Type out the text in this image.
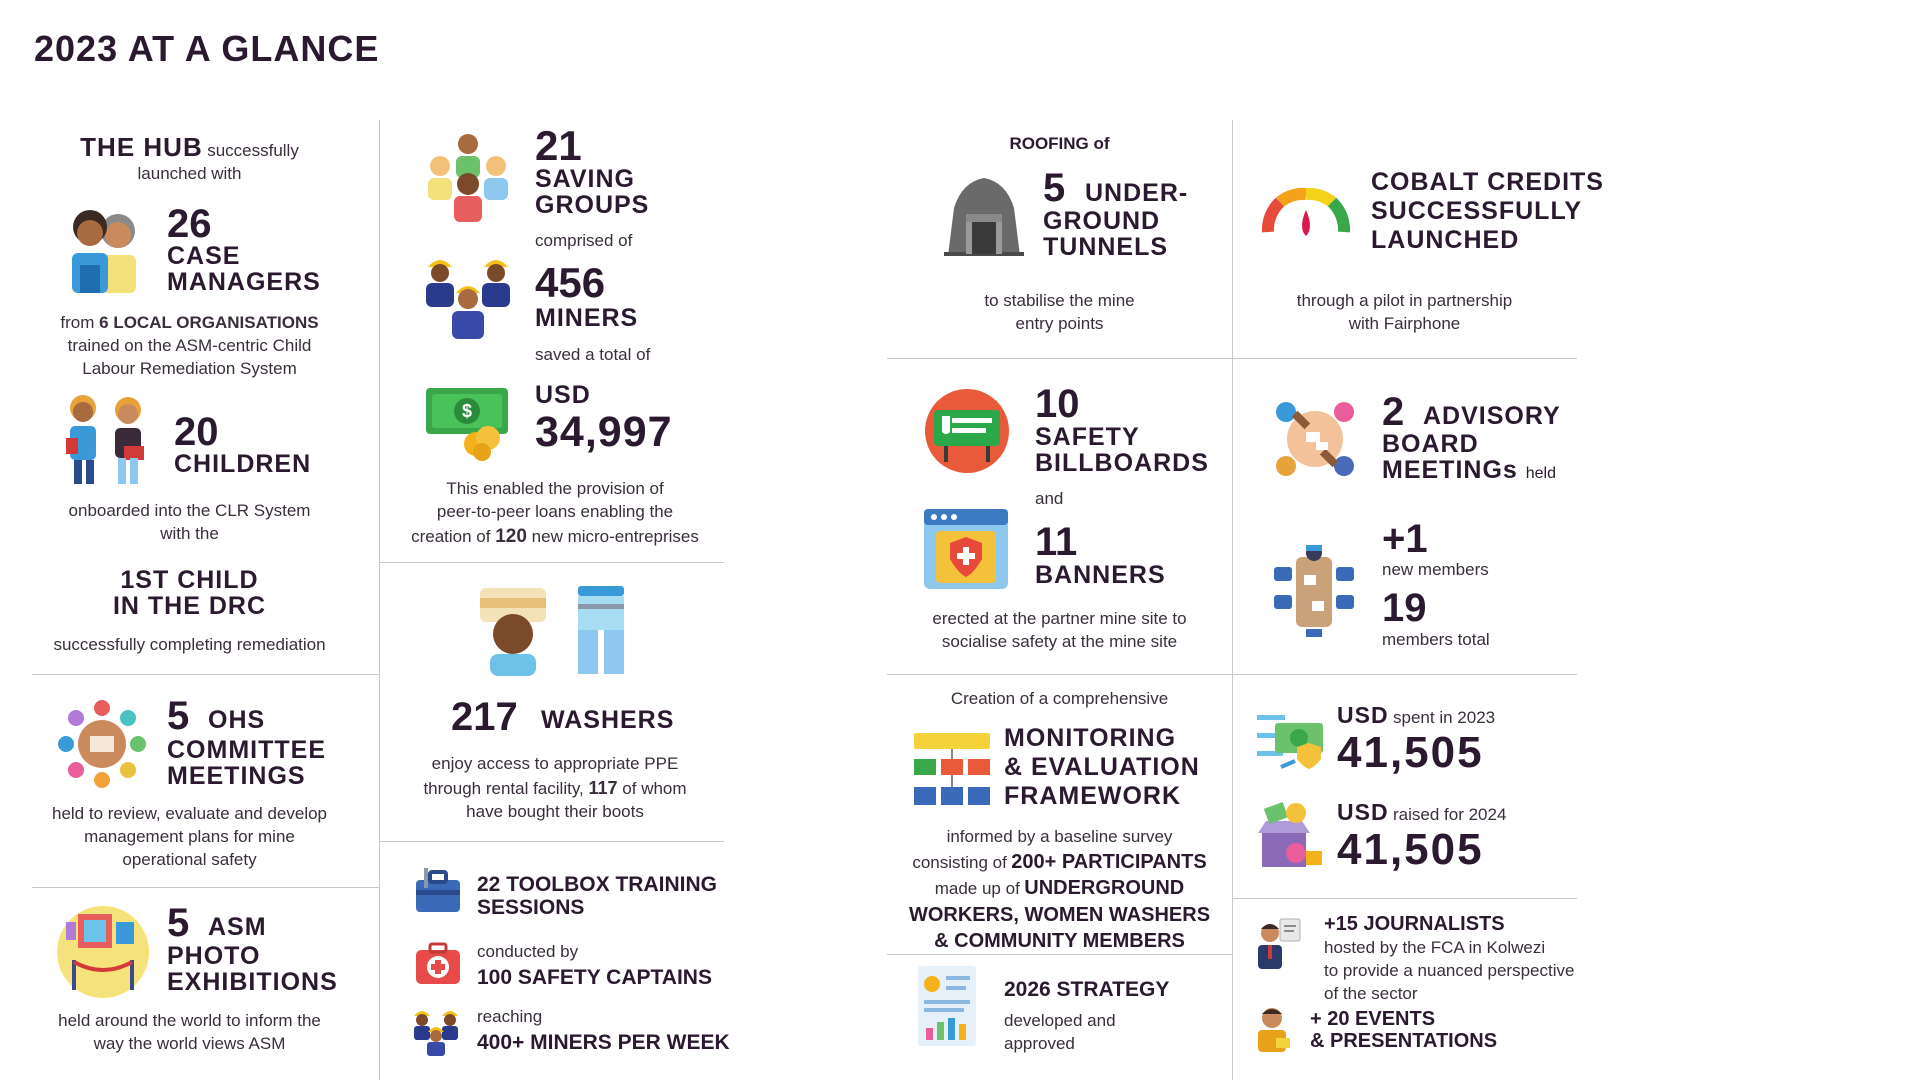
2023 AT A GLANCE
THE HUB successfully
launched with
26
CASE
MANAGERS
from 6 LOCAL ORGANISATIONS
trained on the ASM-centric Child
Labour Remediation System
20
CHILDREN
onboarded into the CLR System
with the
1ST CHILD
IN THE DRC
successfully completing remediation
5 OHS
COMMITTEE
MEETINGS
held to review, evaluate and develop
management plans for mine
operational safety
5 ASM
PHOTO
EXHIBITIONS
held around the world to inform the
way the world views ASM
21
SAVING
GROUPS
comprised of
456
MINERS
saved a total of
$
USD
34,997
This enabled the provision of
peer-to-peer loans enabling the
creation of 120 new micro-entreprises
217 WASHERS
enjoy access to appropriate PPE
through rental facility, 117 of whom
have bought their boots
22 TOOLBOX TRAINING
SESSIONS
conducted by
100 SAFETY CAPTAINS
reaching
400+ MINERS PER WEEK
ROOFING of
5 UNDER-
GROUND
TUNNELS
to stabilise the mine
entry points
COBALT CREDITS
SUCCESSFULLY
LAUNCHED
through a pilot in partnership
with Fairphone
10
SAFETY
BILLBOARDS
and
11
BANNERS
erected at the partner mine site to
socialise safety at the mine site
2 ADVISORY
BOARD
MEETINGs held
+1
new members
19
members total
Creation of a comprehensive
MONITORING
& EVALUATION
FRAMEWORK
informed by a baseline survey
consisting of 200+ PARTICIPANTS
made up of UNDERGROUND
WORKERS, WOMEN WASHERS
& COMMUNITY MEMBERS
USD spent in 2023
41,505
USD raised for 2024
41,505
2026 STRATEGY
developed and
approved
+15 JOURNALISTS
hosted by the FCA in Kolwezi
to provide a nuanced perspective
of the sector
+ 20 EVENTS
& PRESENTATIONS
